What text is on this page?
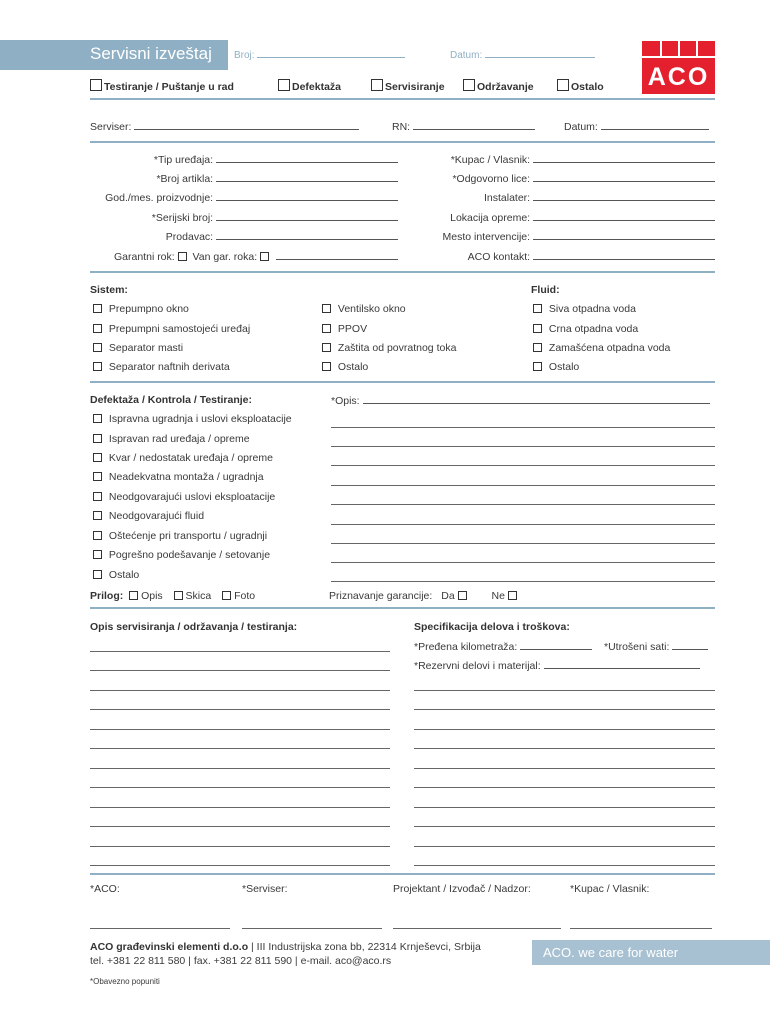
Servisni izveštaj Broj:	Datum:
ACO
Testiranje / Puštanje u rad	Defektaža	Servisiranje	Održavanje	Ostalo
Serviser:	RN:	Datum:
*Tip uređaja:
*Broj artikla:
God./mes. proizvodnje:
*Serijski broj:
Prodavac:
Garantni rok: Van gar. roka:
*Kupac / Vlasnik:
*Odgovorno lice:
Instalater:
Lokacija opreme:
Mesto intervencije:
ACO kontakt:
Sistem:	Fluid:
Prepumpno okno
Prepumpni samostojeći uređaj
Separator masti
Separator naftnih derivata
Ventilsko okno
PPOV
Zaštita od povratnog toka
Ostalo
Siva otpadna voda
Crna otpadna voda
Zamašćena otpadna voda
Ostalo
Defektaža / Kontrola / Testiranje:
Ispravna ugradnja i uslovi eksploatacije
Ispravan rad uređaja / opreme
Kvar / nedostatak uređaja / opreme
Neadekvatna montaža / ugradnja
Neodgovarajući uslovi eksploatacije
Neodgovarajući fluid
Oštećenje pri transportu / ugradnji
Pogrešno podešavanje / setovanje
Ostalo
*Opis:
Prilog: Opis Skica Foto	Priznavanje garancije: Da	Ne
Opis servisiranja / održavanja / testiranja:	Specifikacija delova i troškova:
*Pređena kilometraža:	*Utrošeni sati:
*Rezervni delovi i materijal:
*ACO:	*Serviser:	Projektant / Izvođač / Nadzor:	*Kupac / Vlasnik:
ACO građevinski elementi d.o.o | III Industrijska zona bb, 22314 Krnješevci, Srbija
tel. +381 22 811 580 | fax. +381 22 811 590 | e-mail. aco@aco.rs
ACO. we care for water
*Obavezno popuniti
